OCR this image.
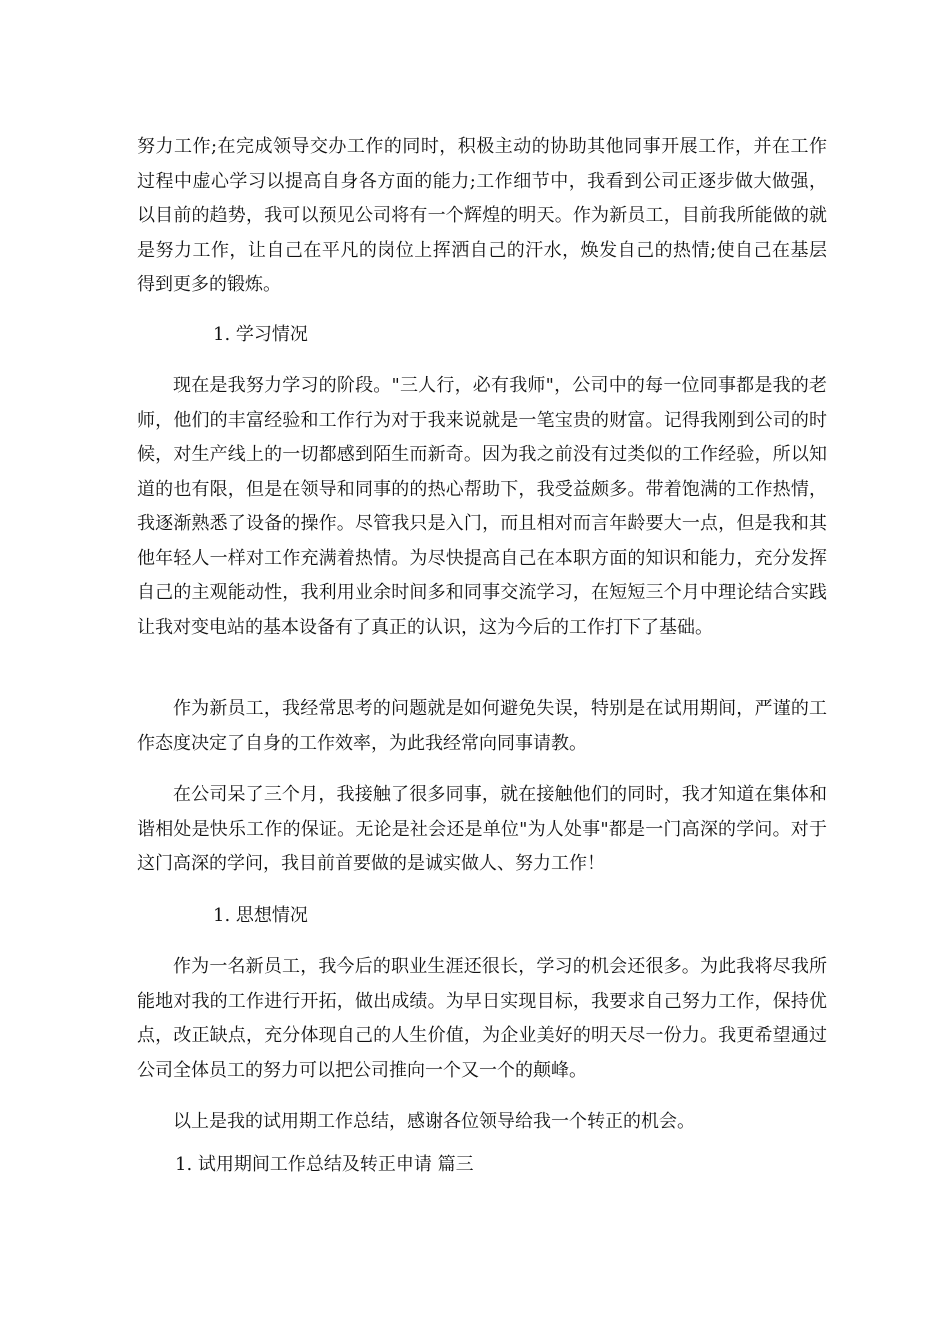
努力工作;在完成领导交办工作的同时，积极主动的协助其他同事开展工作，并在工作过程中虚心学习以提高自身各方面的能力;工作细节中，我看到公司正逐步做大做强，以目前的趋势，我可以预见公司将有一个辉煌的明天。作为新员工，目前我所能做的就是努力工作，让自己在平凡的岗位上挥洒自己的汗水，焕发自己的热情;使自己在基层得到更多的锻炼。

1. 学习情况

现在是我努力学习的阶段。"三人行，必有我师"，公司中的每一位同事都是我的老师，他们的丰富经验和工作行为对于我来说就是一笔宝贵的财富。记得我刚到公司的时候，对生产线上的一切都感到陌生而新奇。因为我之前没有过类似的工作经验，所以知道的也有限，但是在领导和同事的的热心帮助下，我受益颇多。带着饱满的工作热情，我逐渐熟悉了设备的操作。尽管我只是入门，而且相对而言年龄要大一点，但是我和其他年轻人一样对工作充满着热情。为尽快提高自己在本职方面的知识和能力，充分发挥自己的主观能动性，我利用业余时间多和同事交流学习，在短短三个月中理论结合实践让我对变电站的基本设备有了真正的认识，这为今后的工作打下了基础。

作为新员工，我经常思考的问题就是如何避免失误，特别是在试用期间，严谨的工作态度决定了自身的工作效率，为此我经常向同事请教。

在公司呆了三个月，我接触了很多同事，就在接触他们的同时，我才知道在集体和谐相处是快乐工作的保证。无论是社会还是单位"为人处事"都是一门高深的学问。对于这门高深的学问，我目前首要做的是诚实做人、努力工作！

1. 思想情况

作为一名新员工，我今后的职业生涯还很长，学习的机会还很多。为此我将尽我所能地对我的工作进行开拓，做出成绩。为早日实现目标，我要求自己努力工作，保持优点，改正缺点，充分体现自己的人生价值，为企业美好的明天尽一份力。我更希望通过公司全体员工的努力可以把公司推向一个又一个的颠峰。

以上是我的试用期工作总结，感谢各位领导给我一个转正的机会。

1. 试用期间工作总结及转正申请 篇三
